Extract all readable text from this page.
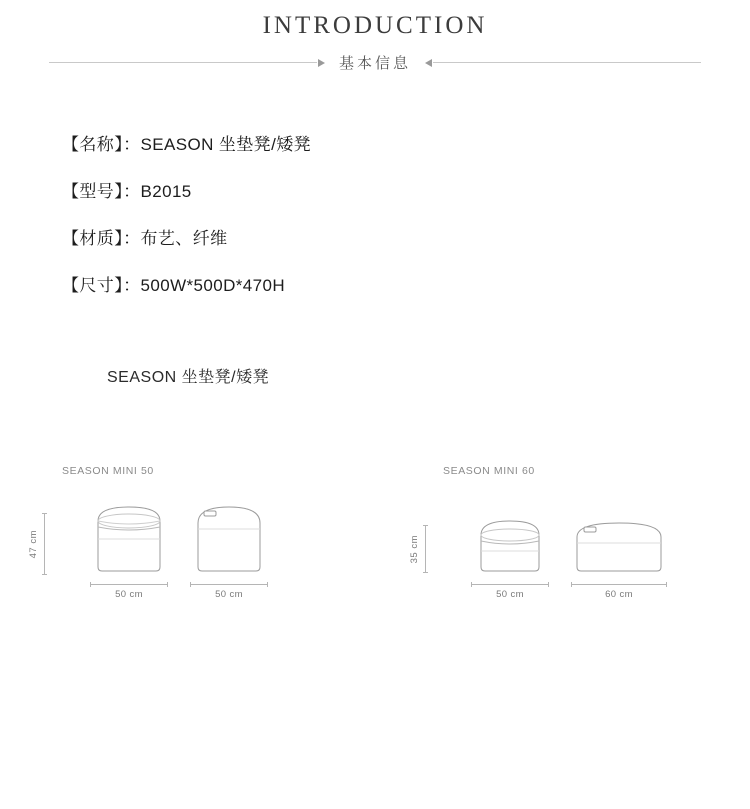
INTRODUCTION
基本信息
【名称】：SEASON 坐垫凳/矮凳
【型号】：B2015
【材质】：布艺、纤维
【尺寸】：500W*500D*470H
SEASON 坐垫凳/矮凳
SEASON MINI 50
47 cm
50 cm	50 cm
SEASON MINI 60
35 cm
50 cm	60 cm
